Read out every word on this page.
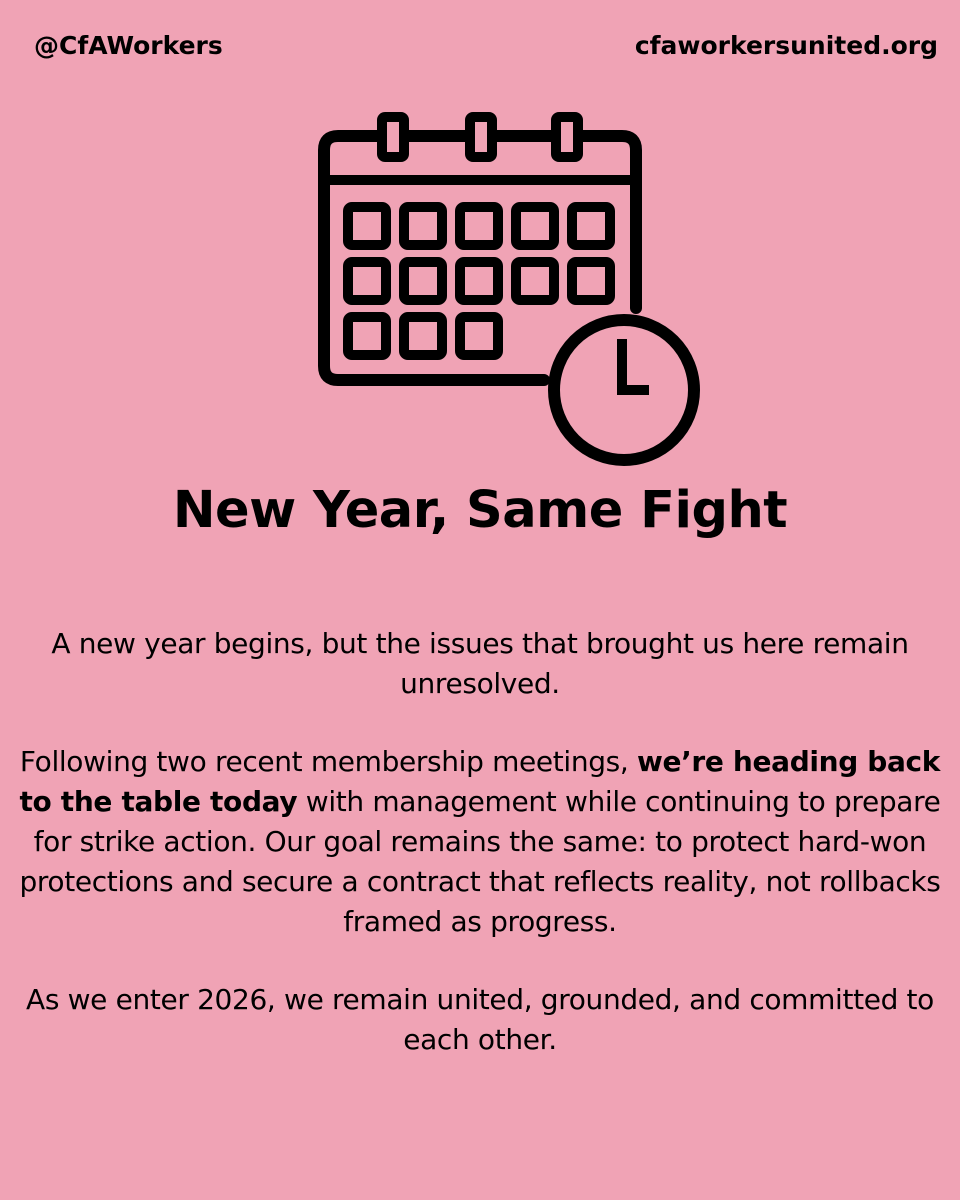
@CfAWorkers	cfaworkersunited.org
New Year, Same Fight

A new year begins, but the issues that brought us here remain unresolved.

Following two recent membership meetings, we’re heading back to the table today with management while continuing to prepare for strike action. Our goal remains the same: to protect hard-won protections and secure a contract that reflects reality, not rollbacks framed as progress.

As we enter 2026, we remain united, grounded, and committed to each other.
